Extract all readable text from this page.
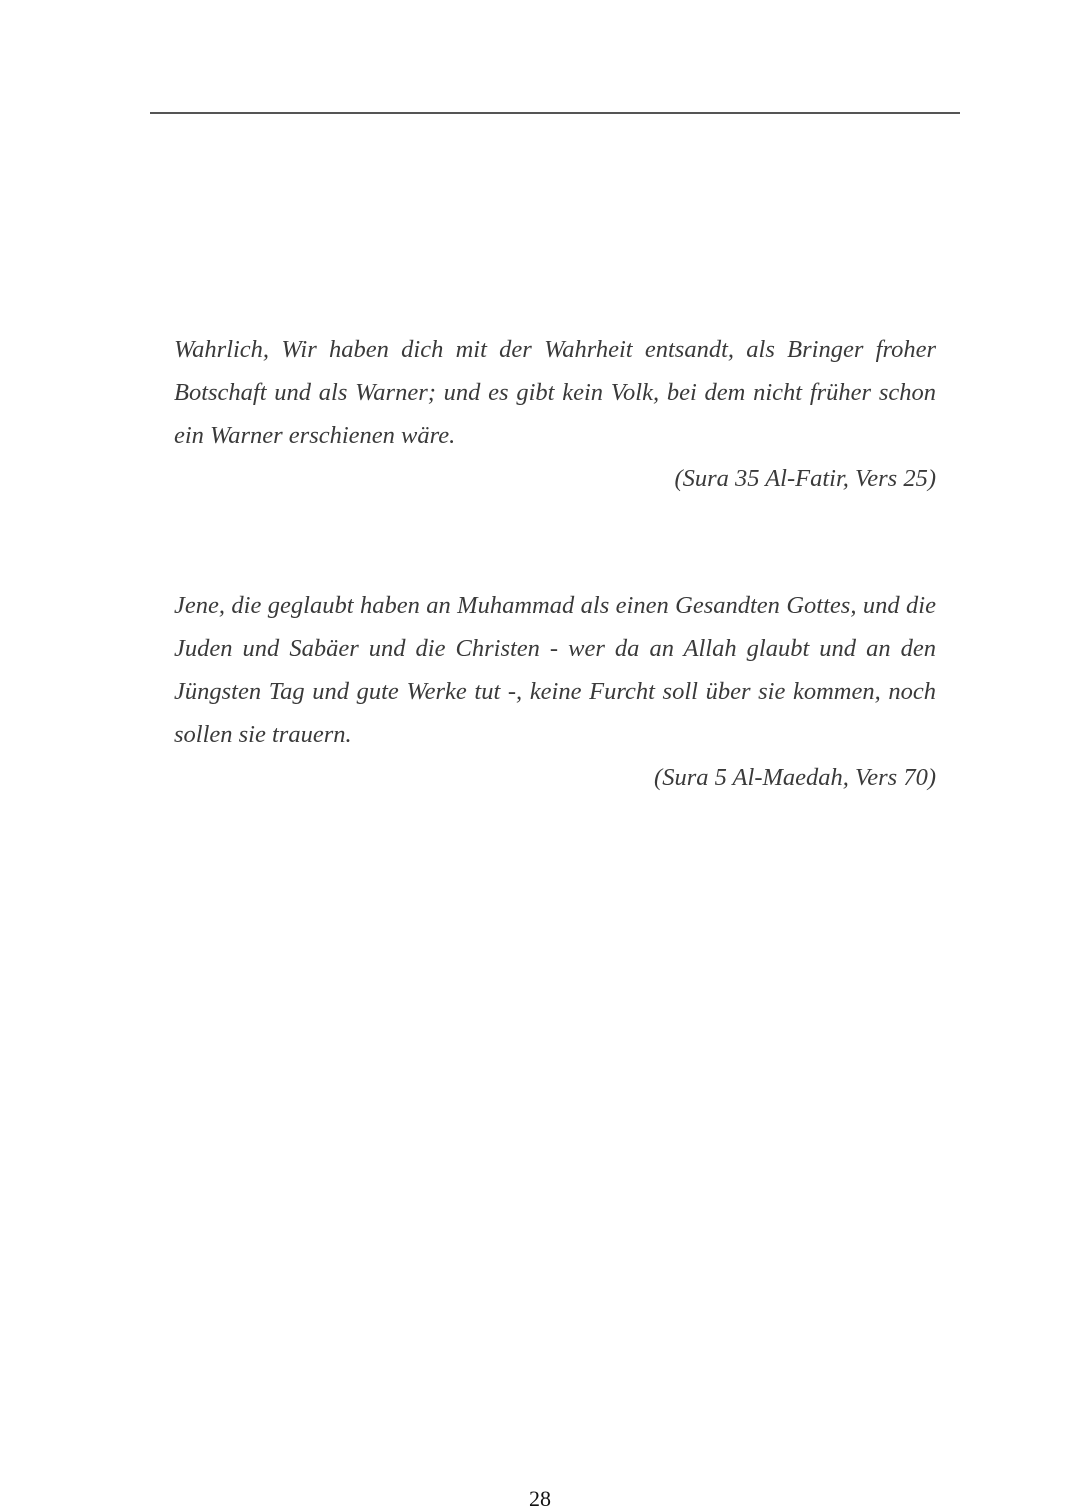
Wahrlich, Wir haben dich mit der Wahrheit entsandt, als Bringer froher Botschaft und als Warner; und es gibt kein Volk, bei dem nicht früher schon ein Warner erschienen wäre.

(Sura 35 Al-Fatir, Vers 25)

Jene, die geglaubt haben an Muhammad als einen Gesandten Gottes, und die Juden und Sabäer und die Christen - wer da an Allah glaubt und an den Jüngsten Tag und gute Werke tut -, keine Furcht soll über sie kommen, noch sollen sie trauern.

(Sura 5 Al-Maedah, Vers 70)

28
